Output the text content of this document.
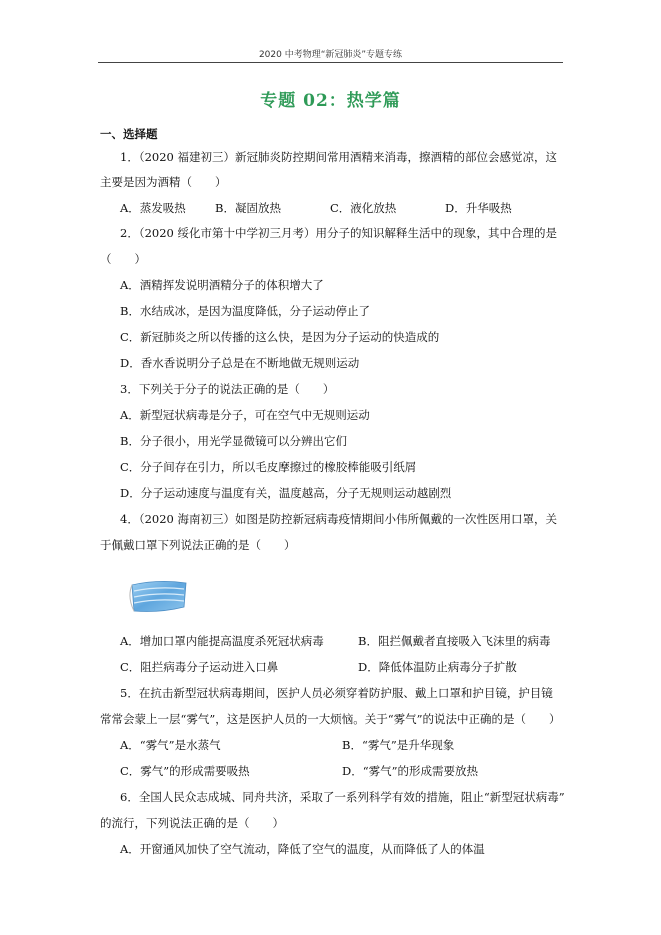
2020 中考物理“新冠肺炎”专题专练
专题 02：热学篇
一、选择题
1．（2020 福建初三）新冠肺炎防控期间常用酒精来消毒，擦酒精的部位会感觉凉，这
主要是因为酒精（　　）
A．蒸发吸热	B．凝固放热	C．液化放热	D．升华吸热
2．（2020 绥化市第十中学初三月考）用分子的知识解释生活中的现象，其中合理的是
（　　）
A．酒精挥发说明酒精分子的体积增大了
B．水结成冰，是因为温度降低，分子运动停止了
C．新冠肺炎之所以传播的这么快，是因为分子运动的快造成的
D．香水香说明分子总是在不断地做无规则运动
3．下列关于分子的说法正确的是（　　）
A．新型冠状病毒是分子，可在空气中无规则运动
B．分子很小，用光学显微镜可以分辨出它们
C．分子间存在引力，所以毛皮摩擦过的橡胶棒能吸引纸屑
D．分子运动速度与温度有关，温度越高，分子无规则运动越剧烈
4．（2020 海南初三）如图是防控新冠病毒疫情期间小伟所佩戴的一次性医用口罩，关
于佩戴口罩下列说法正确的是（　　）
A．增加口罩内能提高温度杀死冠状病毒	B．阻拦佩戴者直接吸入飞沫里的病毒
C．阻拦病毒分子运动进入口鼻	D．降低体温防止病毒分子扩散
5．在抗击新型冠状病毒期间，医护人员必须穿着防护服、戴上口罩和护目镜，护目镜
常常会蒙上一层“雾气”，这是医护人员的一大烦恼。关于“雾气”的说法中正确的是（　　）
A．“雾气”是水蒸气	B．“雾气”是升华现象
C．雾气”的形成需要吸热	D．“雾气”的形成需要放热
6．全国人民众志成城、同舟共济，采取了一系列科学有效的措施，阻止“新型冠状病毒”
的流行，下列说法正确的是（　　）
A．开窗通风加快了空气流动，降低了空气的温度，从而降低了人的体温
